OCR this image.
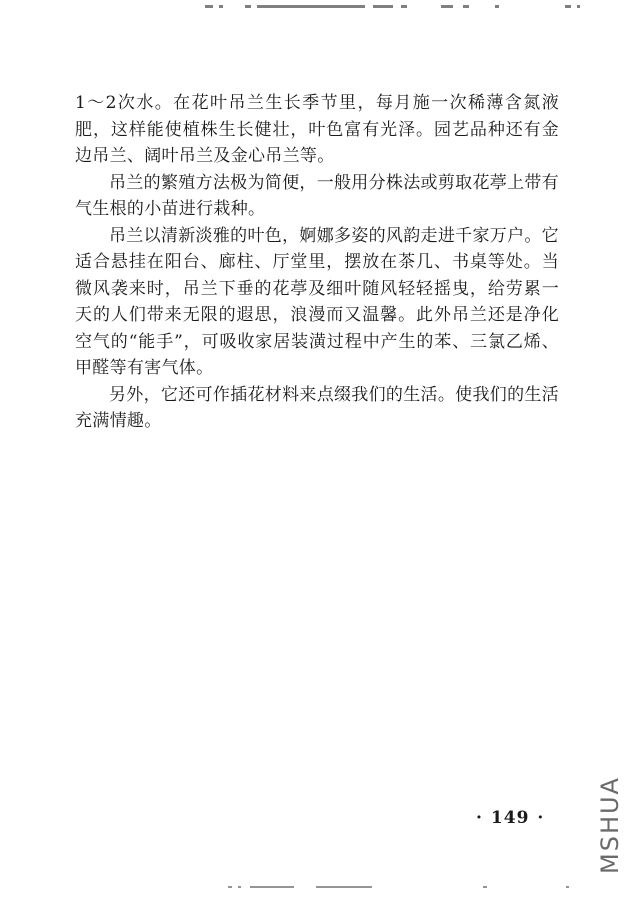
1～2次水。在花叶吊兰生长季节里，每月施一次稀薄含氮液肥，这样能使植株生长健壮，叶色富有光泽。园艺品种还有金边吊兰、阔叶吊兰及金心吊兰等。

吊兰的繁殖方法极为简便，一般用分株法或剪取花葶上带有气生根的小苗进行栽种。

吊兰以清新淡雅的叶色，婀娜多姿的风韵走进千家万户。它适合悬挂在阳台、廊柱、厅堂里，摆放在茶几、书桌等处。当微风袭来时，吊兰下垂的花葶及细叶随风轻轻摇曳，给劳累一天的人们带来无限的遐思，浪漫而又温馨。此外吊兰还是净化空气的“能手”，可吸收家居装潢过程中产生的苯、三氯乙烯、甲醛等有害气体。

另外，它还可作插花材料来点缀我们的生活。使我们的生活充满情趣。

· 149 ·	MSHUA
